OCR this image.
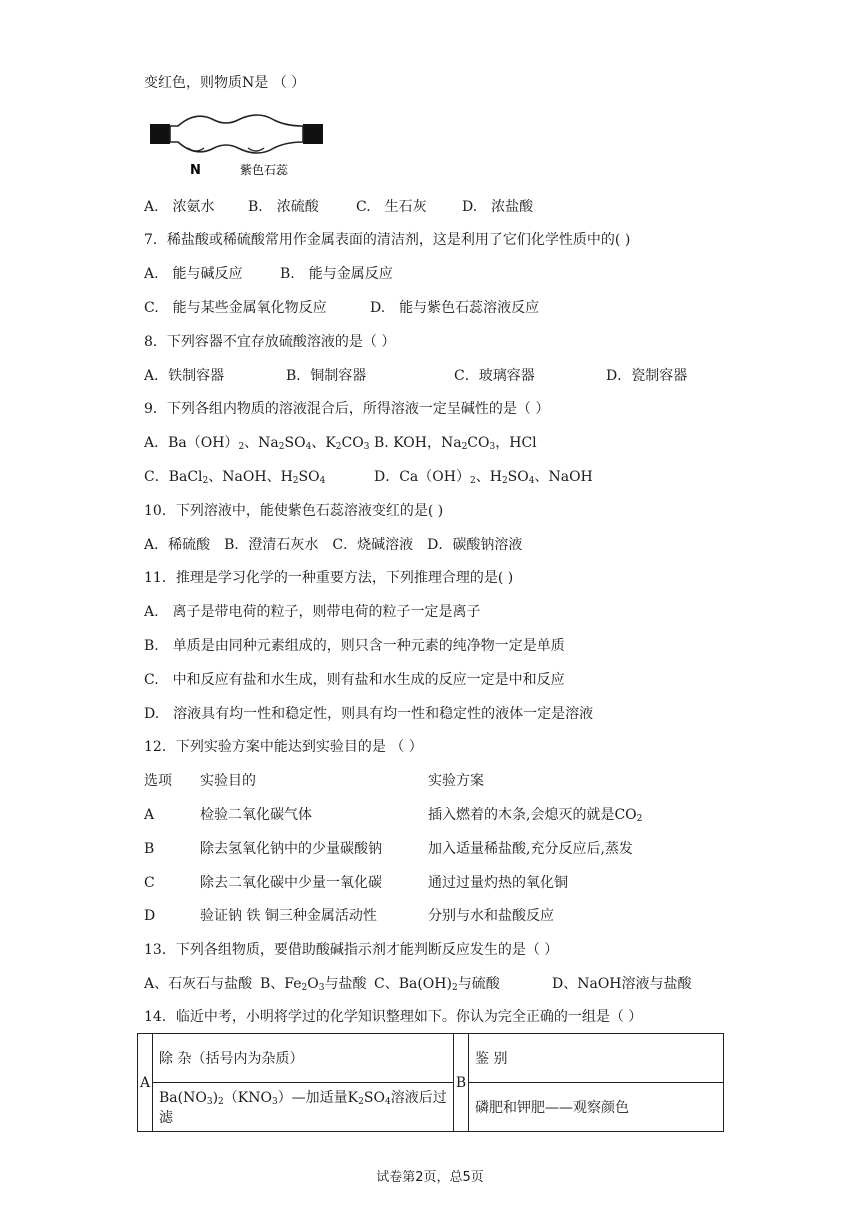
变红色，则物质N是 （ ）
N	紫色石蕊
A.　浓氨水 B.　浓硫酸	C.　生石灰	D.　浓盐酸
7．稀盐酸或稀硫酸常用作金属表面的清洁剂，这是利用了它们化学性质中的( )
A.　能与碱反应	B.　能与金属反应
C.　能与某些金属氧化物反应	D.　能与紫色石蕊溶液反应
8．下列容器不宜存放硫酸溶液的是（ ）
A．铁制容器	B．铜制容器	C．玻璃容器	D．瓷制容器
9．下列各组内物质的溶液混合后，所得溶液一定呈碱性的是（ ）
A．$Ba(OH)_2$、$Na_2SO_4$、$K_2CO_3$ B. KOH，$Na_2CO_3$，HCl
C．BaCl$_2$、NaOH、$H_2SO_4$	D．$Ca(OH)_2$、$H_2SO_4$、NaOH
10．下列溶液中，能使紫色石蕊溶液变红的是( )
A．稀硫酸　B．澄清石灰水　C．烧碱溶液　D．碳酸钠溶液
11．推理是学习化学的一种重要方法，下列推理合理的是( )
A.　离子是带电荷的粒子，则带电荷的粒子一定是离子
B.　单质是由同种元素组成的，则只含一种元素的纯净物一定是单质
C.　中和反应有盐和水生成，则有盐和水生成的反应一定是中和反应
D.　溶液具有均一性和稳定性，则具有均一性和稳定性的液体一定是溶液
12．下列实验方案中能达到实验目的是 （ ）
选项 实验目的	实验方案
A	检验二氧化碳气体	插入燃着的木条,会熄灭的就是$CO_2$
B	除去氢氧化钠中的少量碳酸钠	加入适量稀盐酸,充分反应后,蒸发
C	除去二氧化碳中少量一氧化碳	通过过量灼热的氧化铜
D	验证钠 铁 铜三种金属活动性	分别与水和盐酸反应
13．下列各组物质，要借助酸碱指示剂才能判断反应发生的是（ ）
A、石灰石与盐酸 B、$Fe_2O_3$与盐酸 C、$Ba(OH)_2$与硫酸	D、NaOH溶液与盐酸
14．临近中考，小明将学过的化学知识整理如下。你认为完全正确的一组是（ ）
A	除 杂（括号内为杂质）	B	鉴 别
	$Ba(NO_3)_2(KNO_3)—$加适量$K_2SO_4$溶液后过滤		磷肥和钾肥——观察颜色
试卷第2页，总5页
